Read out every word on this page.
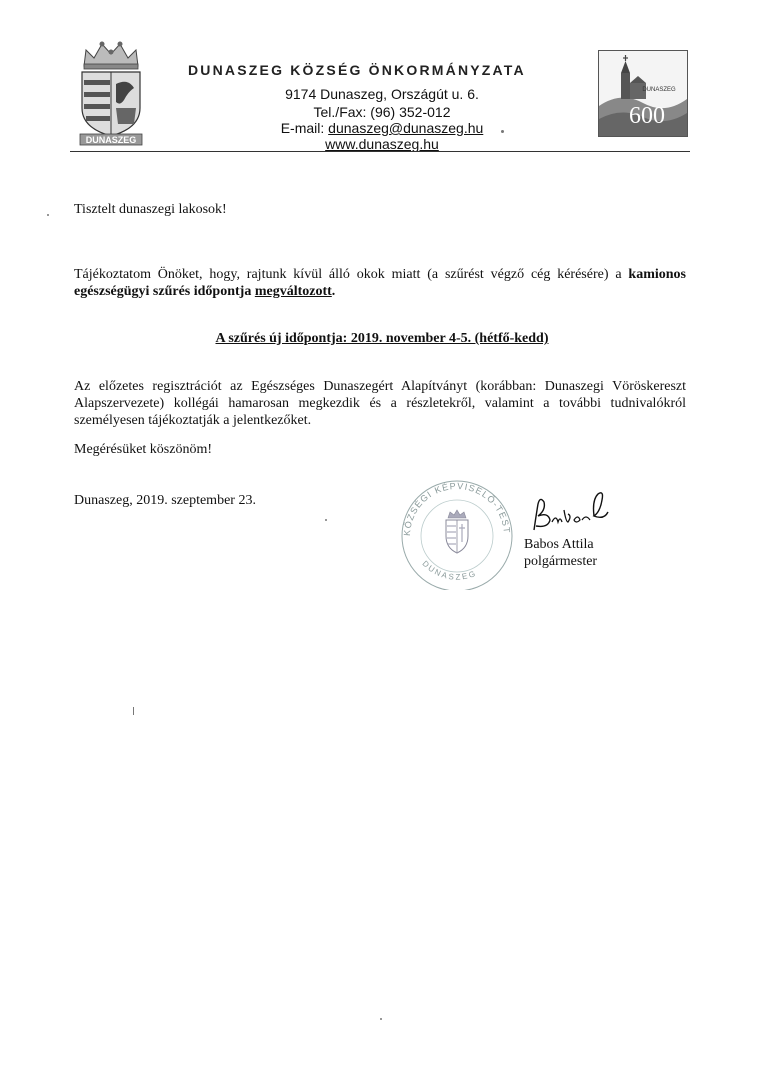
DUNASZEG
DUNASZEG KÖZSÉG ÖNKORMÁNYZATA
9174 Dunaszeg, Országút u. 6.
Tel./Fax: (96) 352-012
E-mail: dunaszeg@dunaszeg.hu
www.dunaszeg.hu
DUNASZEG
600
Tisztelt dunaszegi lakosok!
Tájékoztatom Önöket, hogy, rajtunk kívül álló okok miatt (a szűrést végző cég kérésére) a kamionos egészségügyi szűrés időpontja megváltozott.
A szűrés új időpontja: 2019. november 4-5. (hétfő-kedd)
Az előzetes regisztrációt az Egészséges Dunaszegért Alapítványt (korábban: Dunaszegi Vöröskereszt Alapszervezete) kollégái hamarosan megkezdik és a részletekről, valamint a további tudnivalókról személyesen tájékoztatják a jelentkezőket.
Megérésüket köszönöm!
Dunaszeg, 2019. szeptember 23.
KÖZSÉGI KÉPVISELŐ-TEST
DUNASZEG
Babos Attila
polgármester
